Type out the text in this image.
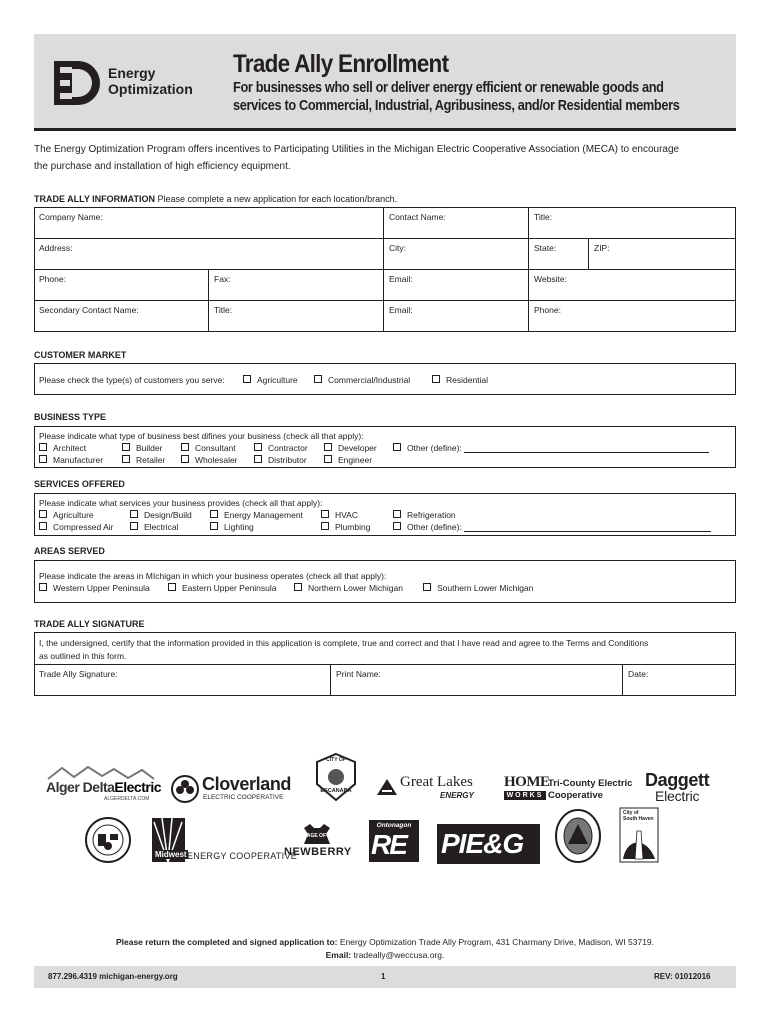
Energy
Optimization
Trade Ally Enrollment
For businesses who sell or deliver energy efficient or renewable goods and
services to Commercial, Industrial, Agribusiness, and/or Residential members
The Energy Optimization Program offers incentives to Participating Utilities in the Michigan Electric Cooperative Association (MECA) to encourage
the purchase and installation of high efficiency equipment.
TRADE ALLY INFORMATION Please complete a new application for each location/branch.
Company Name:	Contact Name:	Title:
Address:	City:	State:	ZIP:
Phone:	Fax:	Email:	Website:
Secondary Contact Name:	Title:	Email:	Phone:
CUSTOMER MARKET
Please check the type(s) of customers you serve:	Agriculture	Commercial/Industrial	Residential
BUSINESS TYPE
Please indicate what type of business best difines your business (check all that apply):
Architect	Builder	Consultant	Contractor	Developer	Other (define):
Manufacturer	Retailer	Wholesaler	Distributor	Engineer
SERVICES OFFERED
Please indicate what services your business provides (check all that apply):
Agriculture	Design/Build	Energy Management	HVAC	Refrigeration
Compressed Air	Electrical	Lighting	Plumbing	Other (define):
AREAS SERVED
Please indicate the areas in MIchigan in which your business operates (check all that apply):
Western Upper Peninsula	Eastern Upper Peninsula	Northern Lower Michigan	Southern Lower Michigan
TRADE ALLY SIGNATURE
I, the undersigned, certify that the information provided in this application is complete, true and correct and that I have read and agree to the Terms and Conditions
as outlined in this form.
Trade Ally Signature:	Print Name:	Date:
Alger DeltaElectric
ALGERDELTA.COM
Cloverland
ELECTRIC COOPERATIVE
CITY OF
ESCANABA
Great Lakes
ENERGY
HOME
WORKS
Tri-County Electric
Cooperative
Daggett
Electric
Midwest ENERGY COOPERATIVE
VILLAGE OF
NEWBERRY
Ontonagon
RE PIE&G
City of
South Haven
Please return the completed and signed application to: Energy Optimization Trade Ally Program, 431 Charmany Drive, Madison, WI 53719.
Email: tradeally@weccusa.org.
877.296.4319 michigan-energy.org	1	REV: 01012016
